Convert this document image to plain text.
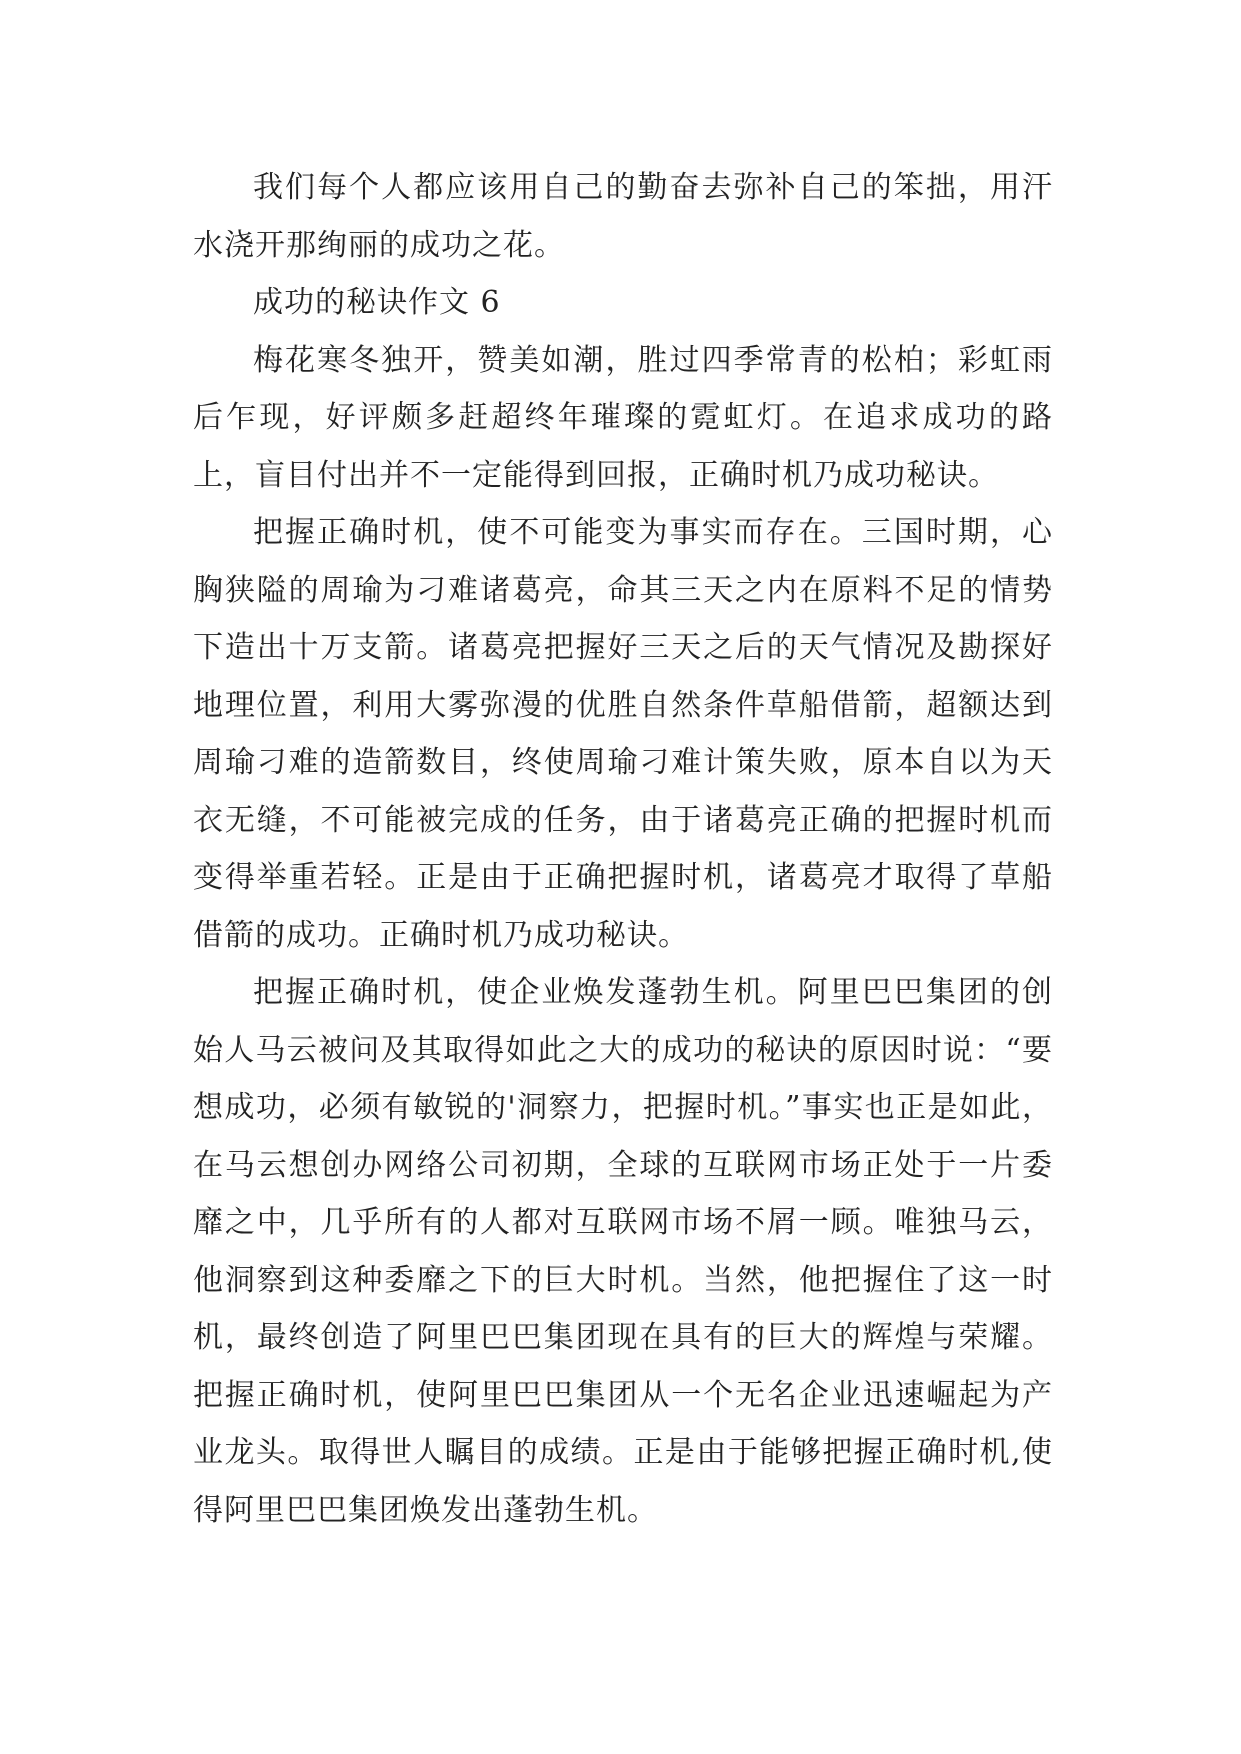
我们每个人都应该用自己的勤奋去弥补自己的笨拙，用汗水浇开那绚丽的成功之花。

成功的秘诀作文 6

梅花寒冬独开，赞美如潮，胜过四季常青的松柏；彩虹雨后乍现，好评颇多赶超终年璀璨的霓虹灯。在追求成功的路上，盲目付出并不一定能得到回报，正确时机乃成功秘诀。

把握正确时机，使不可能变为事实而存在。三国时期，心胸狭隘的周瑜为刁难诸葛亮，命其三天之内在原料不足的情势下造出十万支箭。诸葛亮把握好三天之后的天气情况及勘探好地理位置，利用大雾弥漫的优胜自然条件草船借箭，超额达到周瑜刁难的造箭数目，终使周瑜刁难计策失败，原本自以为天衣无缝，不可能被完成的任务，由于诸葛亮正确的把握时机而变得举重若轻。正是由于正确把握时机，诸葛亮才取得了草船借箭的成功。正确时机乃成功秘诀。

把握正确时机，使企业焕发蓬勃生机。阿里巴巴集团的创始人马云被问及其取得如此之大的成功的秘诀的原因时说：“要想成功，必须有敏锐的'洞察力，把握时机。”事实也正是如此，在马云想创办网络公司初期，全球的互联网市场正处于一片委靡之中，几乎所有的人都对互联网市场不屑一顾。唯独马云，他洞察到这种委靡之下的巨大时机。当然，他把握住了这一时机，最终创造了阿里巴巴集团现在具有的巨大的辉煌与荣耀。把握正确时机，使阿里巴巴集团从一个无名企业迅速崛起为产业龙头。取得世人瞩目的成绩。正是由于能够把握正确时机,使得阿里巴巴集团焕发出蓬勃生机。
